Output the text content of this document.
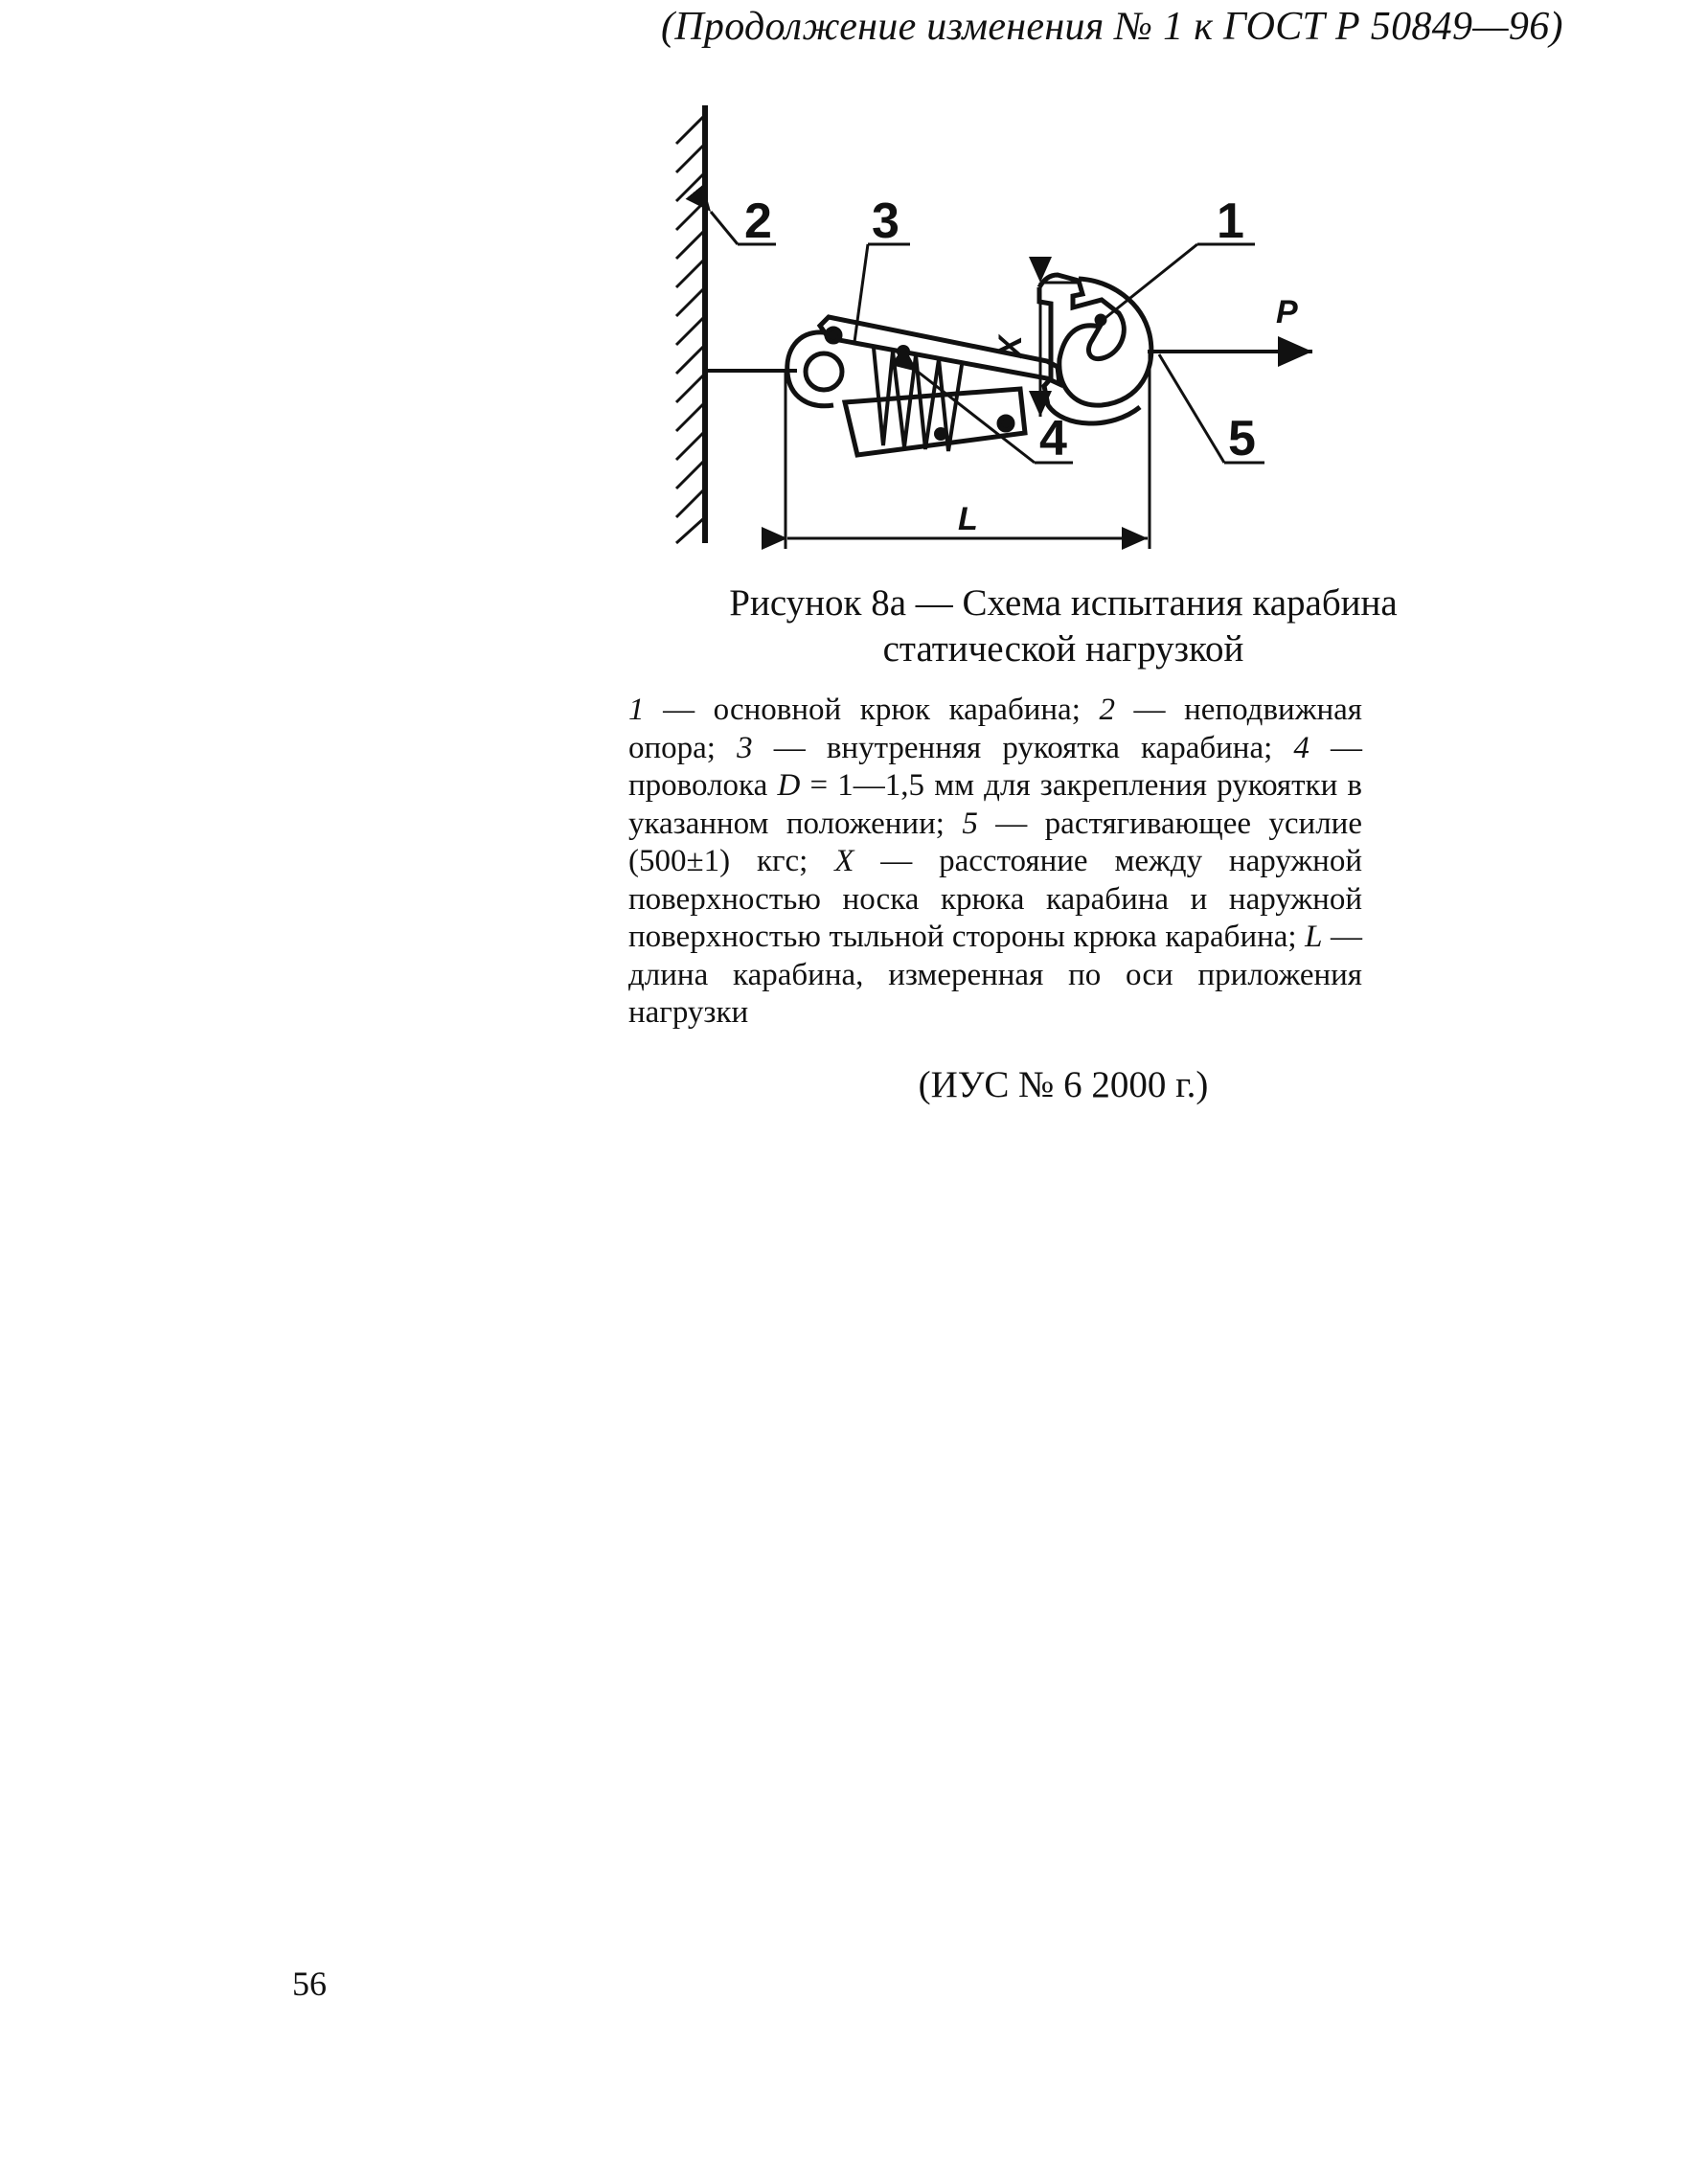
(Продолжение изменения № 1 к ГОСТ Р 50849—96)
X
P
L
1
2 3
4	5
Рисунок 8а — Схема испытания карабина
статической нагрузкой
1 — основной крюк карабина; 2 — неподвижная опора; 3 — внутренняя рукоятка карабина; 4 — проволока D = 1—1,5 мм для закрепления рукоятки в указанном положении; 5 — растягивающее усилие (500±1) кгс; X — расстояние между наружной поверхностью носка крюка карабина и наружной поверхностью тыльной стороны крюка карабина; L — длина карабина, измеренная по оси приложения нагрузки
(ИУС № 6 2000 г.)
56
